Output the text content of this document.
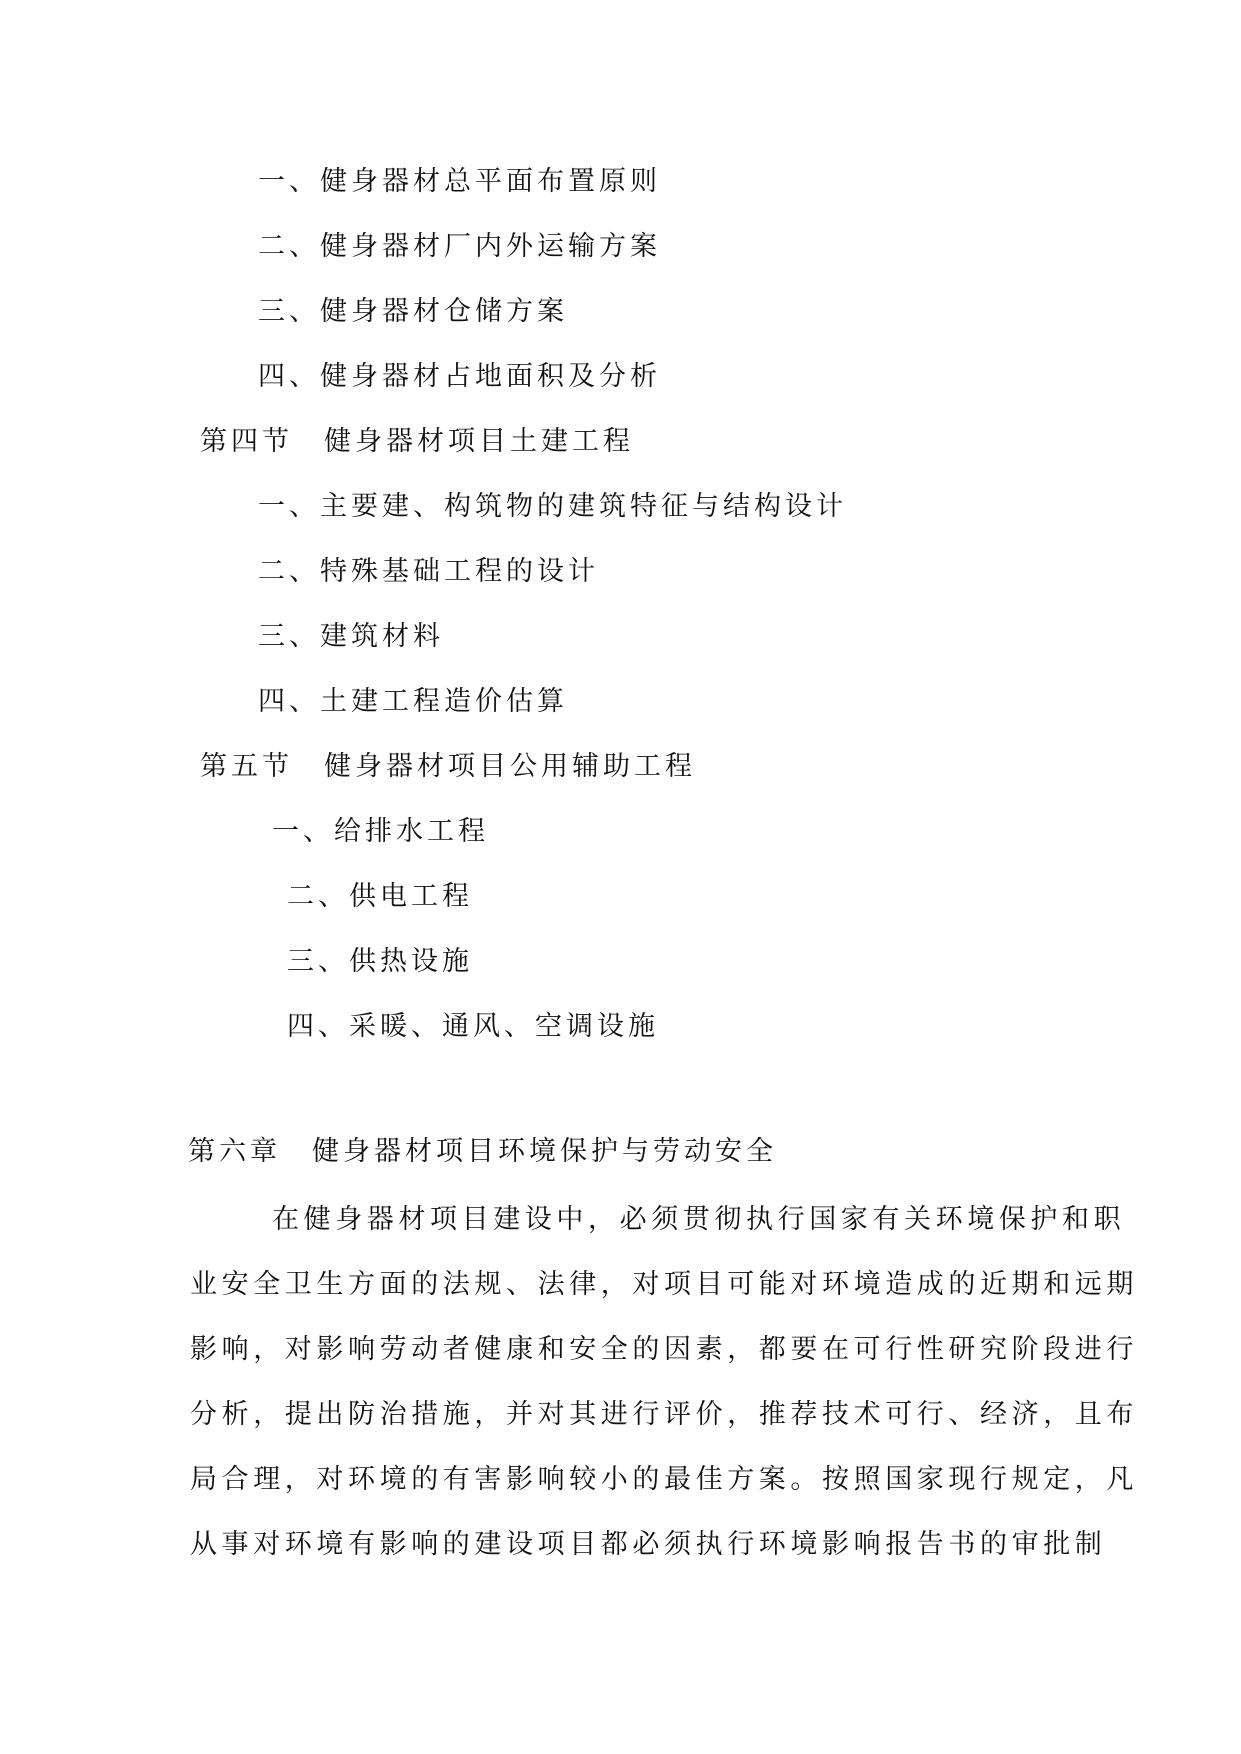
一、健身器材总平面布置原则
二、健身器材厂内外运输方案
三、健身器材仓储方案
四、健身器材占地面积及分析
第四节　健身器材项目土建工程
一、主要建、构筑物的建筑特征与结构设计
二、特殊基础工程的设计
三、建筑材料
四、土建工程造价估算
第五节　健身器材项目公用辅助工程
一、给排水工程
二、供电工程
三、供热设施
四、采暖、通风、空调设施
第六章　健身器材项目环境保护与劳动安全
在健身器材项目建设中，必须贯彻执行国家有关环境保护和职
业安全卫生方面的法规、法律，对项目可能对环境造成的近期和远期
影响，对影响劳动者健康和安全的因素，都要在可行性研究阶段进行
分析，提出防治措施，并对其进行评价，推荐技术可行、经济，且布
局合理，对环境的有害影响较小的最佳方案。按照国家现行规定，凡
从事对环境有影响的建设项目都必须执行环境影响报告书的审批制
